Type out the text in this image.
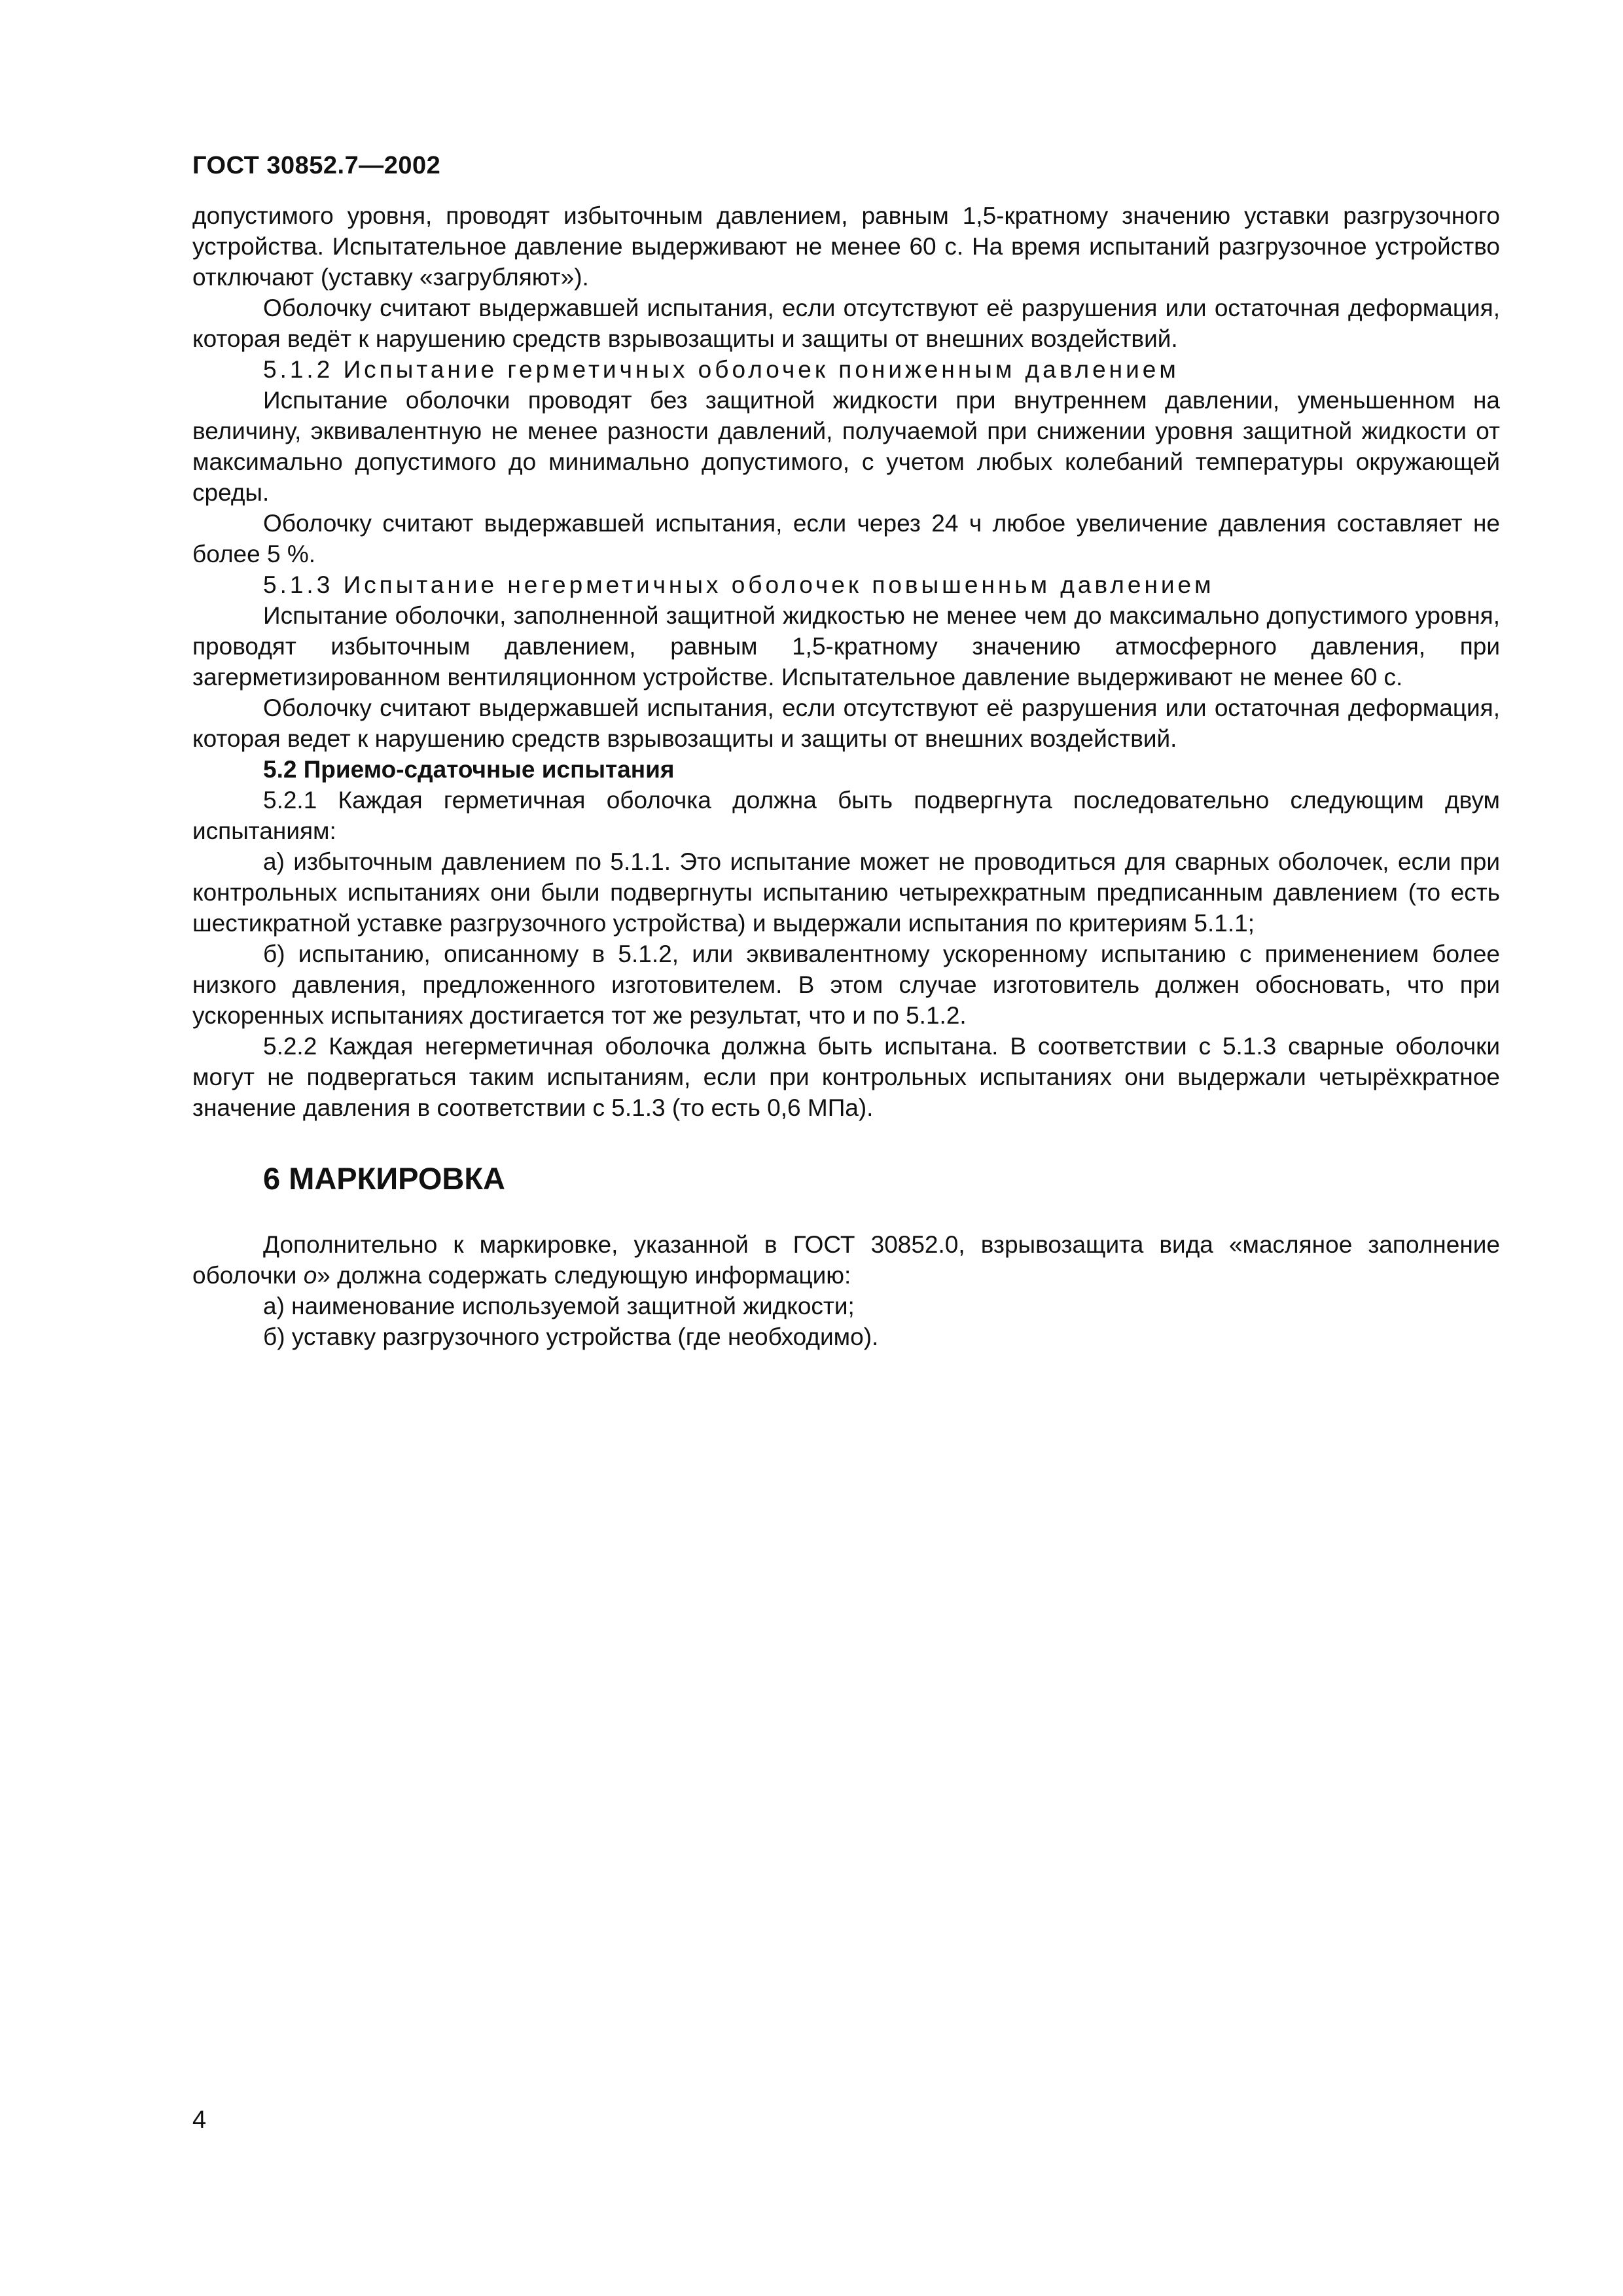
ГОСТ 30852.7—2002

допустимого уровня, проводят избыточным давлением, равным 1,5-кратному значению уставки разгрузочного устройства. Испытательное давление выдерживают не менее 60 с. На время испытаний разгрузочное устройство отключают (уставку «загрубляют»).

Оболочку считают выдержавшей испытания, если отсутствуют её разрушения или остаточная деформация, которая ведёт к нарушению средств взрывозащиты и защиты от внешних воздействий.

5.1.2 Испытание герметичных оболочек пониженным давлением

Испытание оболочки проводят без защитной жидкости при внутреннем давлении, уменьшенном на величину, эквивалентную не менее разности давлений, получаемой при снижении уровня защитной жидкости от максимально допустимого до минимально допустимого, с учетом любых колебаний температуры окружающей среды.

Оболочку считают выдержавшей испытания, если через 24 ч любое увеличение давления составляет не более 5 %.

5.1.3 Испытание негерметичных оболочек повышенньм давлением

Испытание оболочки, заполненной защитной жидкостью не менее чем до максимально допустимого уровня, проводят избыточным давлением, равным 1,5-кратному значению атмосферного давления, при загерметизированном вентиляционном устройстве. Испытательное давление выдерживают не менее 60 с.

Оболочку считают выдержавшей испытания, если отсутствуют её разрушения или остаточная деформация, которая ведет к нарушению средств взрывозащиты и защиты от внешних воздействий.

5.2 Приемо-сдаточные испытания

5.2.1 Каждая герметичная оболочка должна быть подвергнута последовательно следующим двум испытаниям:

а) избыточным давлением по 5.1.1. Это испытание может не проводиться для сварных оболочек, если при контрольных испытаниях они были подвергнуты испытанию четырехкратным предписанным давлением (то есть шестикратной уставке разгрузочного устройства) и выдержали испытания по критериям 5.1.1;

б) испытанию, описанному в 5.1.2, или эквивалентному ускоренному испытанию с применением более низкого давления, предложенного изготовителем. В этом случае изготовитель должен обосновать, что при ускоренных испытаниях достигается тот же результат, что и по 5.1.2.

5.2.2 Каждая негерметичная оболочка должна быть испытана. В соответствии с 5.1.3 сварные оболочки могут не подвергаться таким испытаниям, если при контрольных испытаниях они выдержали четырёхкратное значение давления в соответствии с 5.1.3 (то есть 0,6 МПа).

6 МАРКИРОВКА

Дополнительно к маркировке, указанной в ГОСТ 30852.0, взрывозащита вида «масляное заполнение оболочки о» должна содержать следующую информацию:

а) наименование используемой защитной жидкости;

б) уставку разгрузочного устройства (где необходимо).

4
